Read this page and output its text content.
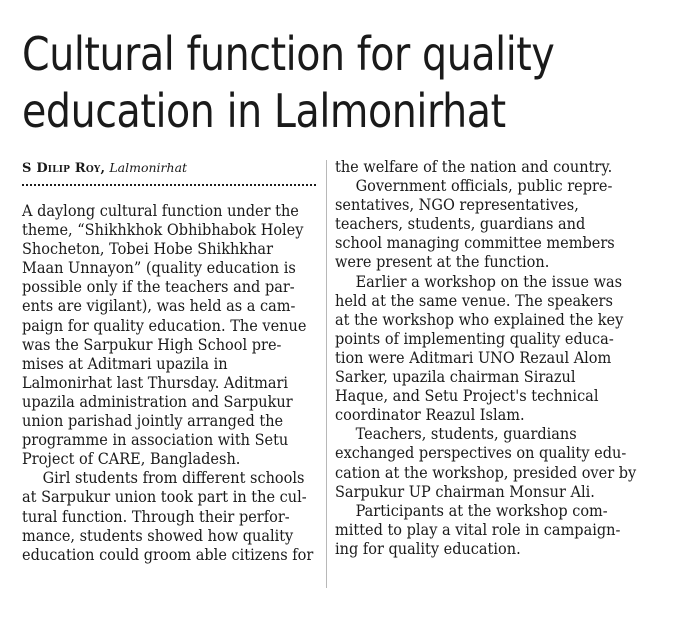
Cultural function for quality
education in Lalmonirhat
S Dilip Roy, Lalmonirhat
A daylong cultural function under the
theme, “Shikhkhok Obhibhabok Holey
Shocheton, Tobei Hobe Shikhkhar
Maan Unnayon” (quality education is
possible only if the teachers and par-
ents are vigilant), was held as a cam-
paign for quality education. The venue
was the Sarpukur High School pre-
mises at Aditmari upazila in
Lalmonirhat last Thursday. Aditmari
upazila administration and Sarpukur
union parishad jointly arranged the
programme in association with Setu
Project of CARE, Bangladesh.
Girl students from different schools
at Sarpukur union took part in the cul-
tural function. Through their perfor-
mance, students showed how quality
education could groom able citizens for
the welfare of the nation and country.
Government officials, public repre-
sentatives, NGO representatives,
teachers, students, guardians and
school managing committee members
were present at the function.
Earlier a workshop on the issue was
held at the same venue. The speakers
at the workshop who explained the key
points of implementing quality educa-
tion were Aditmari UNO Rezaul Alom
Sarker, upazila chairman Sirazul
Haque, and Setu Project's technical
coordinator Reazul Islam.
Teachers, students, guardians
exchanged perspectives on quality edu-
cation at the workshop, presided over by
Sarpukur UP chairman Monsur Ali.
Participants at the workshop com-
mitted to play a vital role in campaign-
ing for quality education.
